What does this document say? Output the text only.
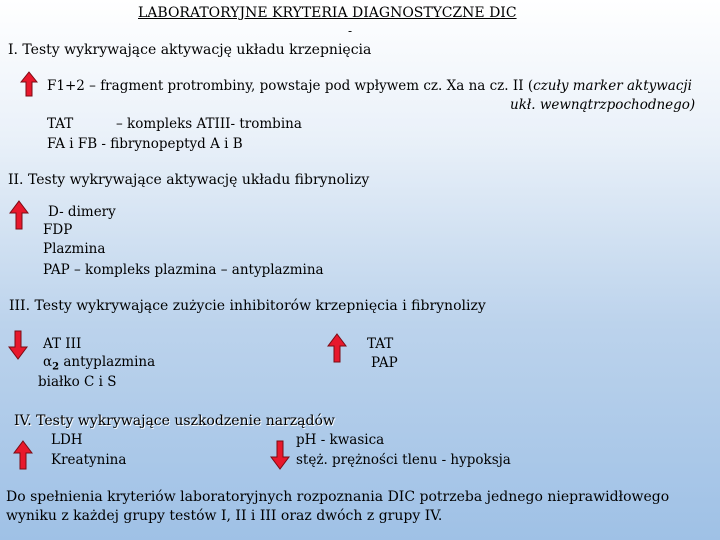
LABORATORYJNE KRYTERIA DIAGNOSTYCZNE DIC
-
I. Testy wykrywające aktywację układu krzepnięcia
F1+2 – fragment protrombiny, powstaje pod wpływem cz. Xa na cz. II (czuły marker aktywacji
ukł. wewnątrzpochodnego)
TAT	– kompleks ATIII- trombina
FA i FB - fibrynopeptyd A i B
II. Testy wykrywające aktywację układu fibrynolizy
D- dimery
FDP
Plazmina
PAP – kompleks plazmina – antyplazmina
III. Testy wykrywające zużycie inhibitorów krzepnięcia i fibrynolizy
AT III
$\alpha_2$ antyplazmina
białko C i S
TAT
PAP
IV. Testy wykrywające uszkodzenie narządów
LDH
Kreatynina
pH - kwasica
stęż. prężności tlenu - hypoksja
Do spełnienia kryteriów laboratoryjnych rozpoznania DIC potrzeba jednego nieprawidłowego wyniku z każdej grupy testów I, II i III oraz dwóch z grupy IV.
